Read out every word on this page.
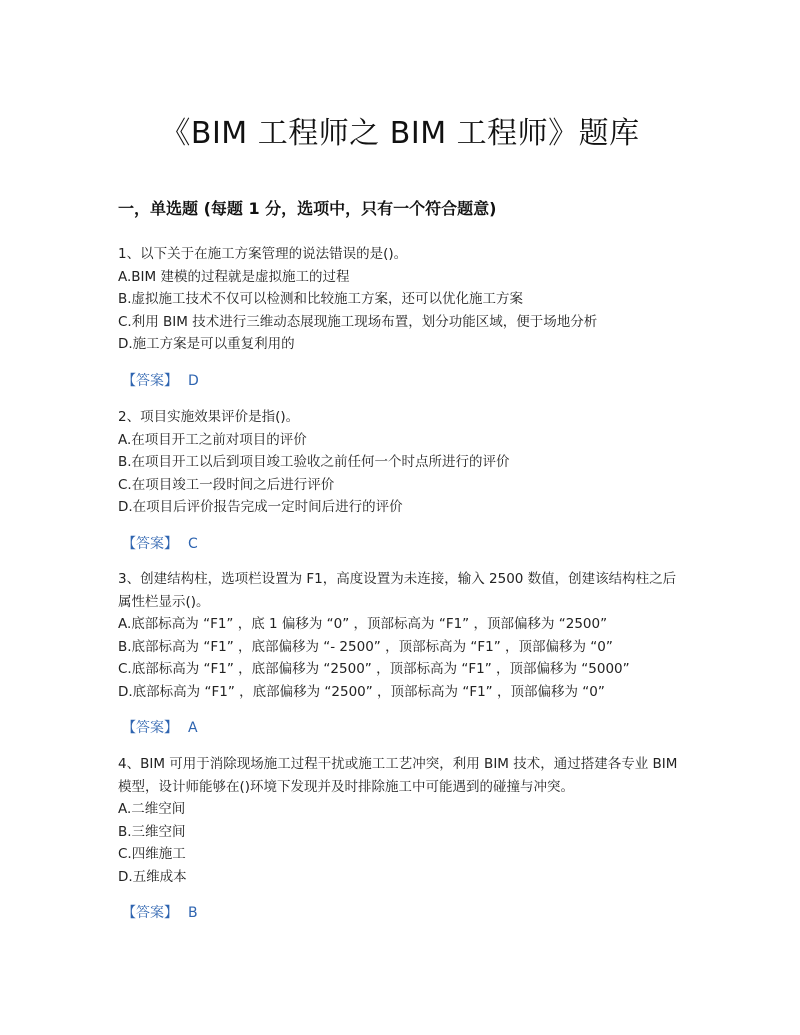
《BIM 工程师之 BIM 工程师》题库
一，单选题 (每题 1 分，选项中，只有一个符合题意)
1、以下关于在施工方案管理的说法错误的是()。
A.BIM 建模的过程就是虚拟施工的过程
B.虚拟施工技术不仅可以检测和比较施工方案，还可以优化施工方案
C.利用 BIM 技术进行三维动态展现施工现场布置，划分功能区域，便于场地分析
D.施工方案是可以重复利用的
【答案】 D
2、项目实施效果评价是指()。
A.在项目开工之前对项目的评价
B.在项目开工以后到项目竣工验收之前任何一个时点所进行的评价
C.在项目竣工一段时间之后进行评价
D.在项目后评价报告完成一定时间后进行的评价
【答案】 C
3、创建结构柱，选项栏设置为 F1，高度设置为未连接，输入 2500 数值，创建该结构柱之后属性栏显示()。
A.底部标高为 “F1” ，底 1 偏移为 “0” ，顶部标高为 “F1” ，顶部偏移为 “2500”
B.底部标高为 “F1” ，底部偏移为 “- 2500” ，顶部标高为 “F1” ，顶部偏移为 “0”
C.底部标高为 “F1” ，底部偏移为 “2500” ，顶部标高为 “F1” ，顶部偏移为 “5000”
D.底部标高为 “F1” ，底部偏移为 “2500” ，顶部标高为 “F1” ，顶部偏移为 “0”
【答案】 A
4、BIM 可用于消除现场施工过程干扰或施工工艺冲突，利用 BIM 技术，通过搭建各专业 BIM 模型，设计师能够在()环境下发现并及时排除施工中可能遇到的碰撞与冲突。
A.二维空间
B.三维空间
C.四维施工
D.五维成本
【答案】 B
